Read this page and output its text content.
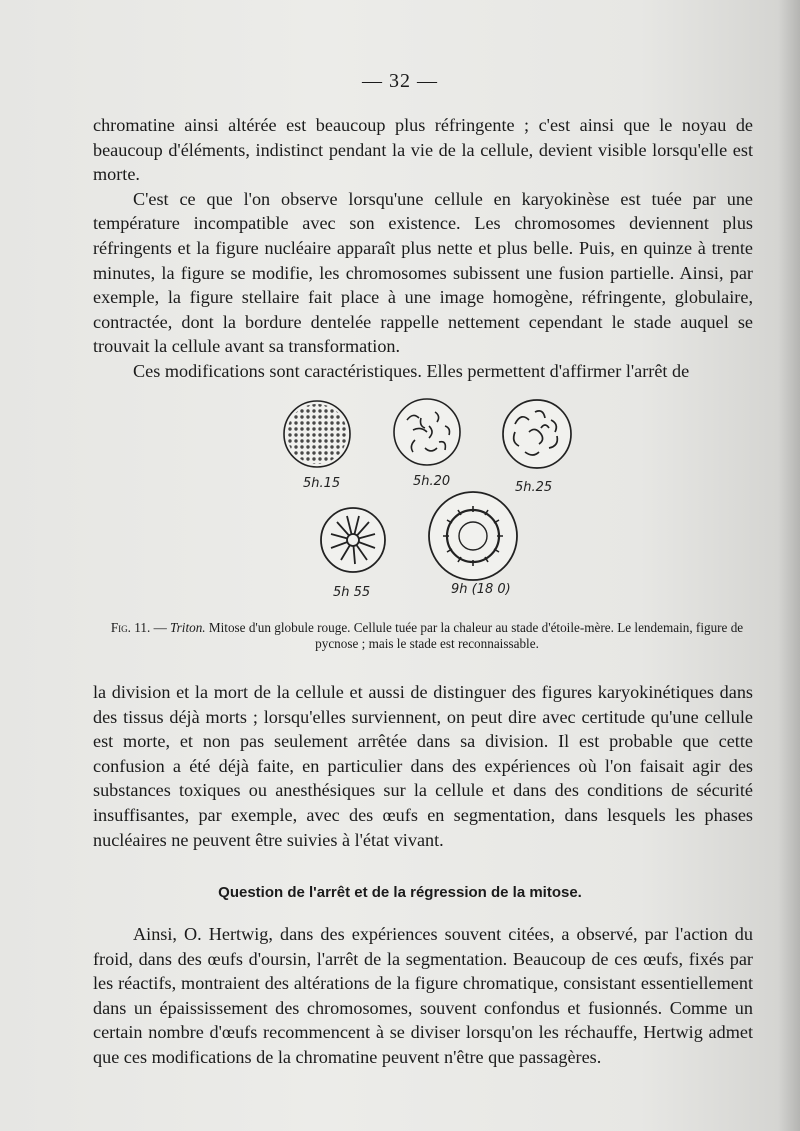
— 32 —

chromatine ainsi altérée est beaucoup plus réfringente ; c'est ainsi que le noyau de beaucoup d'éléments, indistinct pendant la vie de la cellule, devient visible lorsqu'elle est morte.

C'est ce que l'on observe lorsqu'une cellule en karyokinèse est tuée par une température incompatible avec son existence. Les chromosomes deviennent plus réfringents et la figure nucléaire apparaît plus nette et plus belle. Puis, en quinze à trente minutes, la figure se modifie, les chromosomes subissent une fusion partielle. Ainsi, par exemple, la figure stellaire fait place à une image homogène, réfringente, globulaire, contractée, dont la bordure dentelée rappelle nettement cependant le stade auquel se trouvait la cellule avant sa transformation.

Ces modifications sont caractéristiques. Elles permettent d'affirmer l'arrêt de

5h.15	5h.20	5h.25
5h 55	9h (18 0)
Fig. 11. — Triton. Mitose d'un globule rouge. Cellule tuée par la chaleur au stade d'étoile-mère. Le lendemain, figure de pycnose ; mais le stade est reconnaissable.

la division et la mort de la cellule et aussi de distinguer des figures karyokinétiques dans des tissus déjà morts ; lorsqu'elles surviennent, on peut dire avec certitude qu'une cellule est morte, et non pas seulement arrêtée dans sa division. Il est probable que cette confusion a été déjà faite, en particulier dans des expériences où l'on faisait agir des substances toxiques ou anesthésiques sur la cellule et dans des conditions de sécurité insuffisantes, par exemple, avec des œufs en segmentation, dans lesquels les phases nucléaires ne peuvent être suivies à l'état vivant.

Question de l'arrêt et de la régression de la mitose.

Ainsi, O. Hertwig, dans des expériences souvent citées, a observé, par l'action du froid, dans des œufs d'oursin, l'arrêt de la segmentation. Beaucoup de ces œufs, fixés par les réactifs, montraient des altérations de la figure chromatique, consistant essentiellement dans un épaississement des chromosomes, souvent confondus et fusionnés. Comme un certain nombre d'œufs recommencent à se diviser lorsqu'on les réchauffe, Hertwig admet que ces modifications de la chromatine peuvent n'être que passagères.
